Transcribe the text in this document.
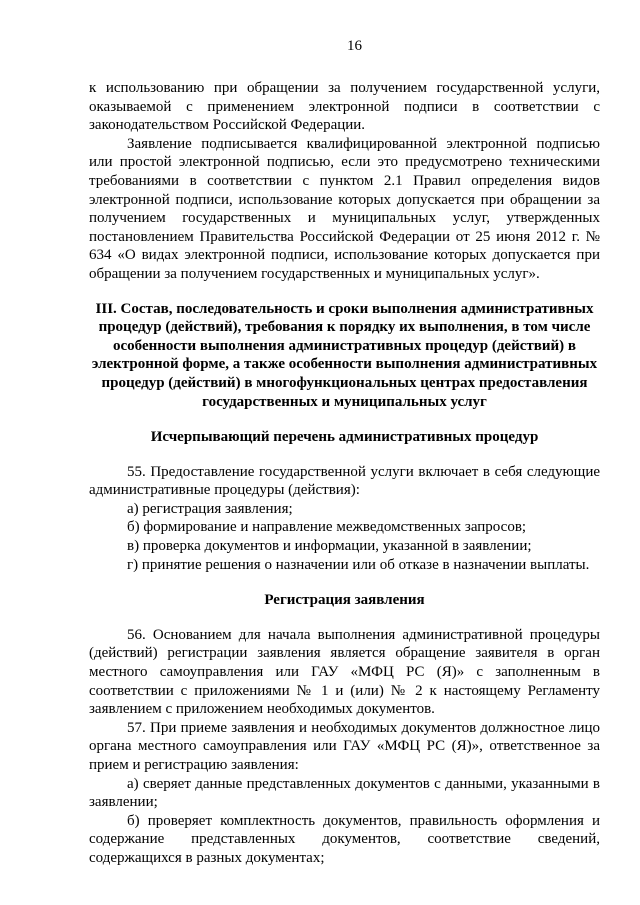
16

к использованию при обращении за получением государственной услуги, оказываемой с применением электронной подписи в соответствии с законодательством Российской Федерации.

Заявление подписывается квалифицированной электронной подписью или простой электронной подписью, если это предусмотрено техническими требованиями в соответствии с пунктом 2.1 Правил определения видов электронной подписи, использование которых допускается при обращении за получением государственных и муниципальных услуг, утвержденных постановлением Правительства Российской Федерации от 25 июня 2012 г. № 634 «О видах электронной подписи, использование которых допускается при обращении за получением государственных и муниципальных услуг».

III. Состав, последовательность и сроки выполнения административных процедур (действий), требования к порядку их выполнения, в том числе особенности выполнения административных процедур (действий) в электронной форме, а также особенности выполнения административных процедур (действий) в многофункциональных центрах предоставления государственных и муниципальных услуг
Исчерпывающий перечень административных процедур

55. Предоставление государственной услуги включает в себя следующие административные процедуры (действия):

а) регистрация заявления;

б) формирование и направление межведомственных запросов;

в) проверка документов и информации, указанной в заявлении;

г) принятие решения о назначении или об отказе в назначении выплаты.

Регистрация заявления

56. Основанием для начала выполнения административной процедуры (действий) регистрации заявления является обращение заявителя в орган местного самоуправления или ГАУ «МФЦ РС (Я)» с заполненным в соответствии с приложениями № 1 и (или) № 2 к настоящему Регламенту заявлением с приложением необходимых документов.

57. При приеме заявления и необходимых документов должностное лицо органа местного самоуправления или ГАУ «МФЦ РС (Я)», ответственное за прием и регистрацию заявления:

а) сверяет данные представленных документов с данными, указанными в заявлении;

б) проверяет комплектность документов, правильность оформления и содержание представленных документов, соответствие сведений, содержащихся в разных документах;
